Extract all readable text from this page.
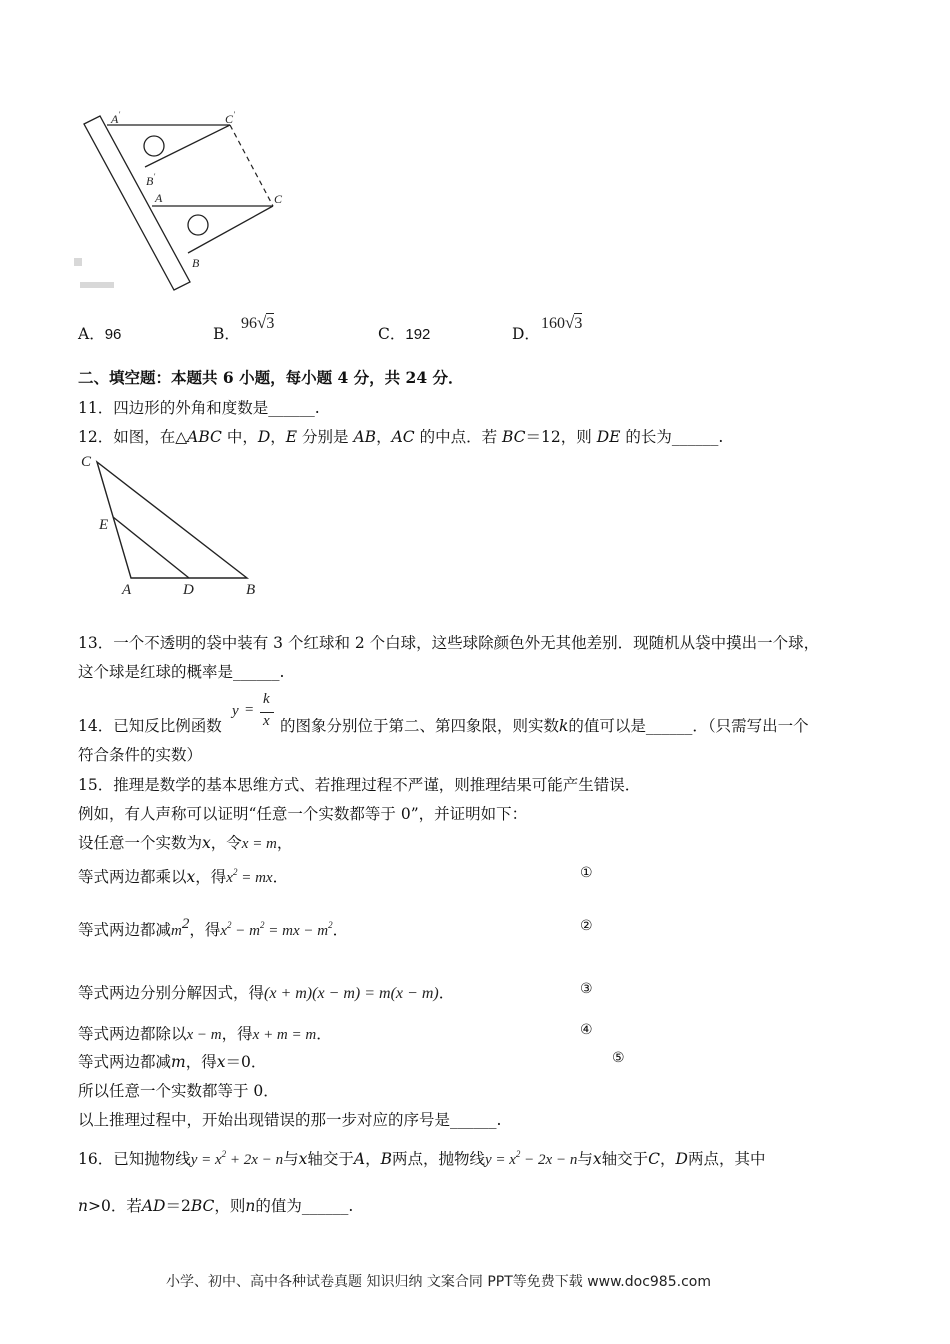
A'	C'
B'
A	C
B
A．96	B．
96√3
C．192	D．
160√3
二、填空题：本题共 6 小题，每小题 4 分，共 24 分．
11．四边形的外角和度数是______.
12．如图，在△ABC 中，D，E 分别是 AB，AC 的中点．若 BC＝12，则 DE 的长为______.
C
E
A	D	B
13．一个不透明的袋中装有 3 个红球和 2 个白球，这些球除颜色外无其他差别．现随机从袋中摸出一个球，
这个球是红球的概率是______.
14．已知反比例函数
y =
k
x 的图象分别位于第二、第四象限，则实数k的值可以是______．（只需写出一个
符合条件的实数）
15．推理是数学的基本思维方式、若推理过程不严谨，则推理结果可能产生错误．
例如，有人声称可以证明“任意一个实数都等于 0”，并证明如下：
设任意一个实数为x，令x = m，
等式两边都乘以x，得$x^2$ = mx．	①
等式两边都减$m^2$，得$x^2 - m^2$ = mx − $m^2$．	②
等式两边分别分解因式，得(x + m)(x − m) = m(x − m)．	③
等式两边都除以x − m，得x + m = m．	④
等式两边都减m，得x＝0．	⑤
所以任意一个实数都等于 0．
以上推理过程中，开始出现错误的那一步对应的序号是______.
16．已知抛物线$y = x^2 + 2x - n$与x轴交于A，B两点，抛物线$y = x^2 - 2x - n$与x轴交于C，D两点，其中
n>0．若AD＝2BC，则n的值为______.
小学、初中、高中各种试卷真题 知识归纳 文案合同 PPT等免费下载 www.doc985.com
